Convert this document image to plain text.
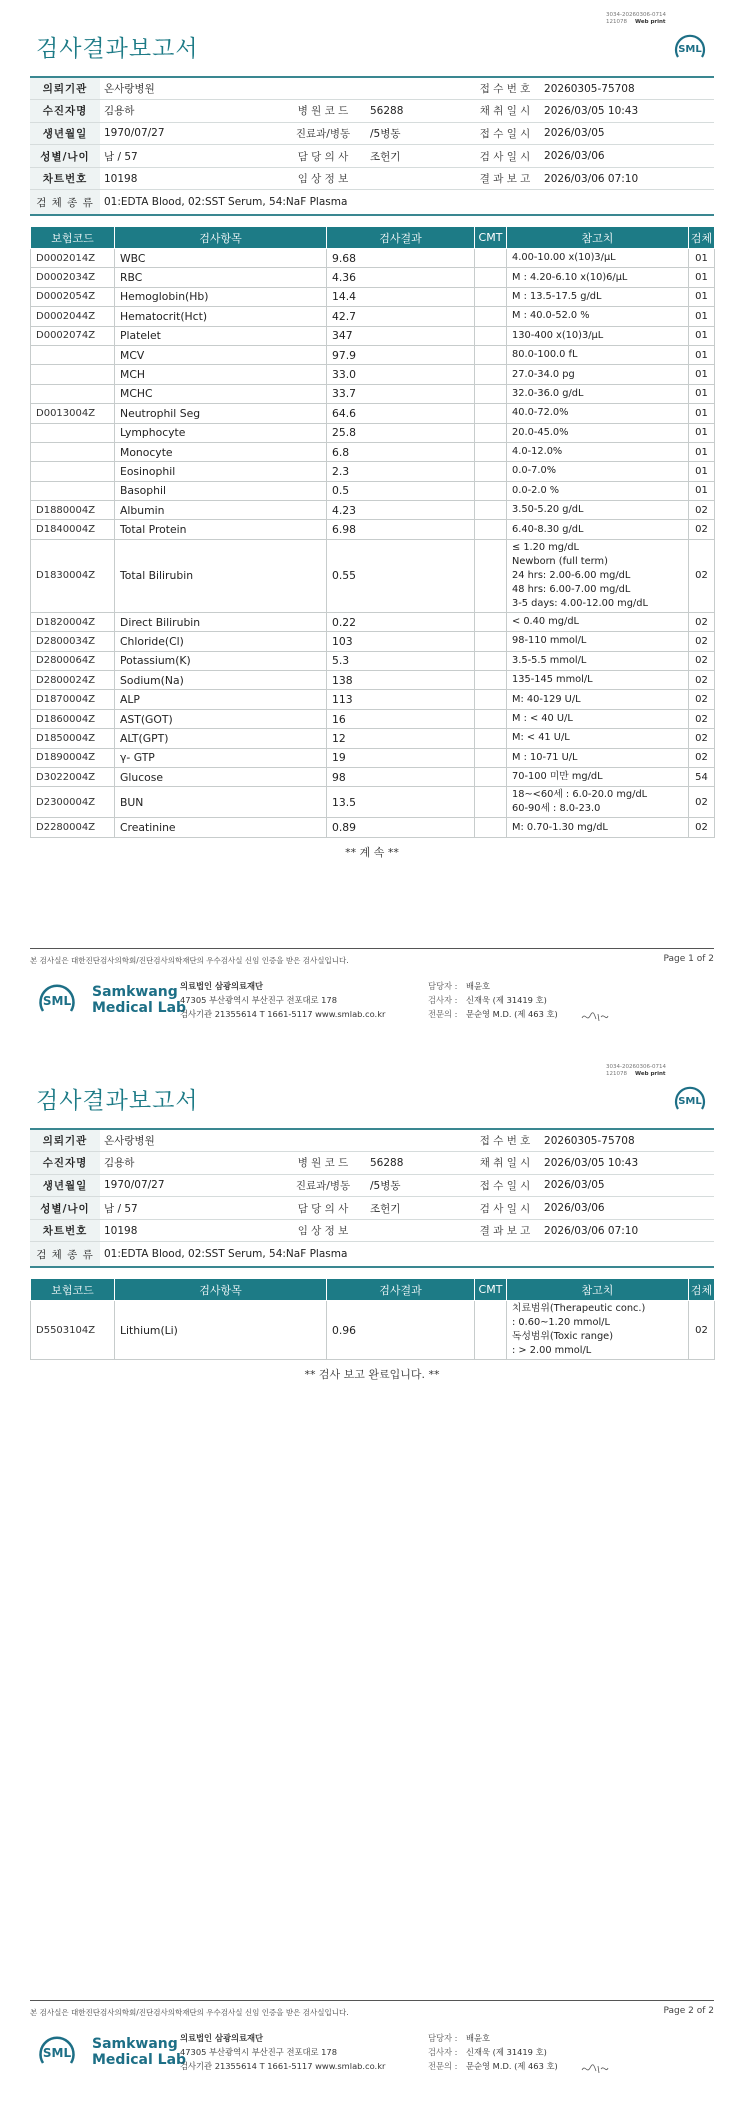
3034-20260306-0714
121078 Web print
검사결과보고서	SML
의뢰기관	온사랑병원			접 수 번 호	20260305-75708
수진자명	김용하	병 원 코 드	56288	채 취 일 시	2026/03/05 10:43
생년월일	1970/07/27	진료과/병동	/5병동	접 수 일 시	2026/03/05
성별/나이	남 / 57	담 당 의 사	조헌기	검 사 일 시	2026/03/06
차트번호	10198	임 상 정 보		결 과 보 고	2026/03/06 07:10
검 체 종 류	01:EDTA Blood, 02:SST Serum, 54:NaF Plasma				
보험코드	검사항목	검사결과	CMT	참고치	검체
D0002014Z	WBC	9.68		4.00-10.00 x(10)3/μL	01
D0002034Z	RBC	4.36		M : 4.20-6.10 x(10)6/μL	01
D0002054Z	Hemoglobin(Hb)	14.4		M : 13.5-17.5 g/dL	01
D0002044Z	Hematocrit(Hct)	42.7		M : 40.0-52.0 %	01
D0002074Z	Platelet	347		130-400 x(10)3/μL	01
	MCV	97.9		80.0-100.0 fL	01
	MCH	33.0		27.0-34.0 pg	01
	MCHC	33.7		32.0-36.0 g/dL	01
D0013004Z	Neutrophil Seg	64.6		40.0-72.0%	01
	Lymphocyte	25.8		20.0-45.0%	01
	Monocyte	6.8		4.0-12.0%	01
	Eosinophil	2.3		0.0-7.0%	01
	Basophil	0.5		0.0-2.0 %	01
D1880004Z	Albumin	4.23		3.50-5.20 g/dL	02
D1840004Z	Total Protein	6.98		6.40-8.30 g/dL	02
D1830004Z	Total Bilirubin	0.55		≤ 1.20 mg/dL
Newborn (full term)
24 hrs: 2.00-6.00 mg/dL
48 hrs: 6.00-7.00 mg/dL
3-5 days: 4.00-12.00 mg/dL	02
D1820004Z	Direct Bilirubin	0.22		< 0.40 mg/dL	02
D2800034Z	Chloride(Cl)	103		98-110 mmol/L	02
D2800064Z	Potassium(K)	5.3		3.5-5.5 mmol/L	02
D2800024Z	Sodium(Na)	138		135-145 mmol/L	02
D1870004Z	ALP	113		M: 40-129 U/L	02
D1860004Z	AST(GOT)	16		M : < 40 U/L	02
D1850004Z	ALT(GPT)	12		M: < 41 U/L	02
D1890004Z	γ- GTP	19		M : 10-71 U/L	02
D3022004Z	Glucose	98		70-100 미만 mg/dL	54
D2300004Z	BUN	13.5		18~<60세 : 6.0-20.0 mg/dL
60-90세 : 8.0-23.0	02
D2280004Z	Creatinine	0.89		M: 0.70-1.30 mg/dL	02
** 계 속 **
본 검사실은 대한진단검사의학회/진단검사의학재단의 우수검사실 신임 인증을 받은 검사실입니다.	Page 1 of 2
SML
Samkwang
Medical Lab
의료법인 삼광의료재단
47305 부산광역시 부산진구 전포대로 178
검사기관 21355614 T 1661-5117 www.smlab.co.kr
담당자 : 배윤호
검사자 : 신재욱 (제 31419 호)
전문의 : 문순영 M.D. (제 463 호)
3034-20260306-0714
121078 Web print
검사결과보고서	SML
의뢰기관	온사랑병원			접 수 번 호	20260305-75708
수진자명	김용하	병 원 코 드	56288	채 취 일 시	2026/03/05 10:43
생년월일	1970/07/27	진료과/병동	/5병동	접 수 일 시	2026/03/05
성별/나이	남 / 57	담 당 의 사	조헌기	검 사 일 시	2026/03/06
차트번호	10198	임 상 정 보		결 과 보 고	2026/03/06 07:10
검 체 종 류	01:EDTA Blood, 02:SST Serum, 54:NaF Plasma				
보험코드	검사항목	검사결과	CMT	참고치	검체
D5503104Z	Lithium(Li)	0.96		치료범위(Therapeutic conc.)
: 0.60~1.20 mmol/L
독성범위(Toxic range)
: > 2.00 mmol/L	02
** 검사 보고 완료입니다. **
본 검사실은 대한진단검사의학회/진단검사의학재단의 우수검사실 신임 인증을 받은 검사실입니다.	Page 2 of 2
SML
Samkwang
Medical Lab
의료법인 삼광의료재단
47305 부산광역시 부산진구 전포대로 178
검사기관 21355614 T 1661-5117 www.smlab.co.kr
담당자 : 배윤호
검사자 : 신재욱 (제 31419 호)
전문의 : 문순영 M.D. (제 463 호)
